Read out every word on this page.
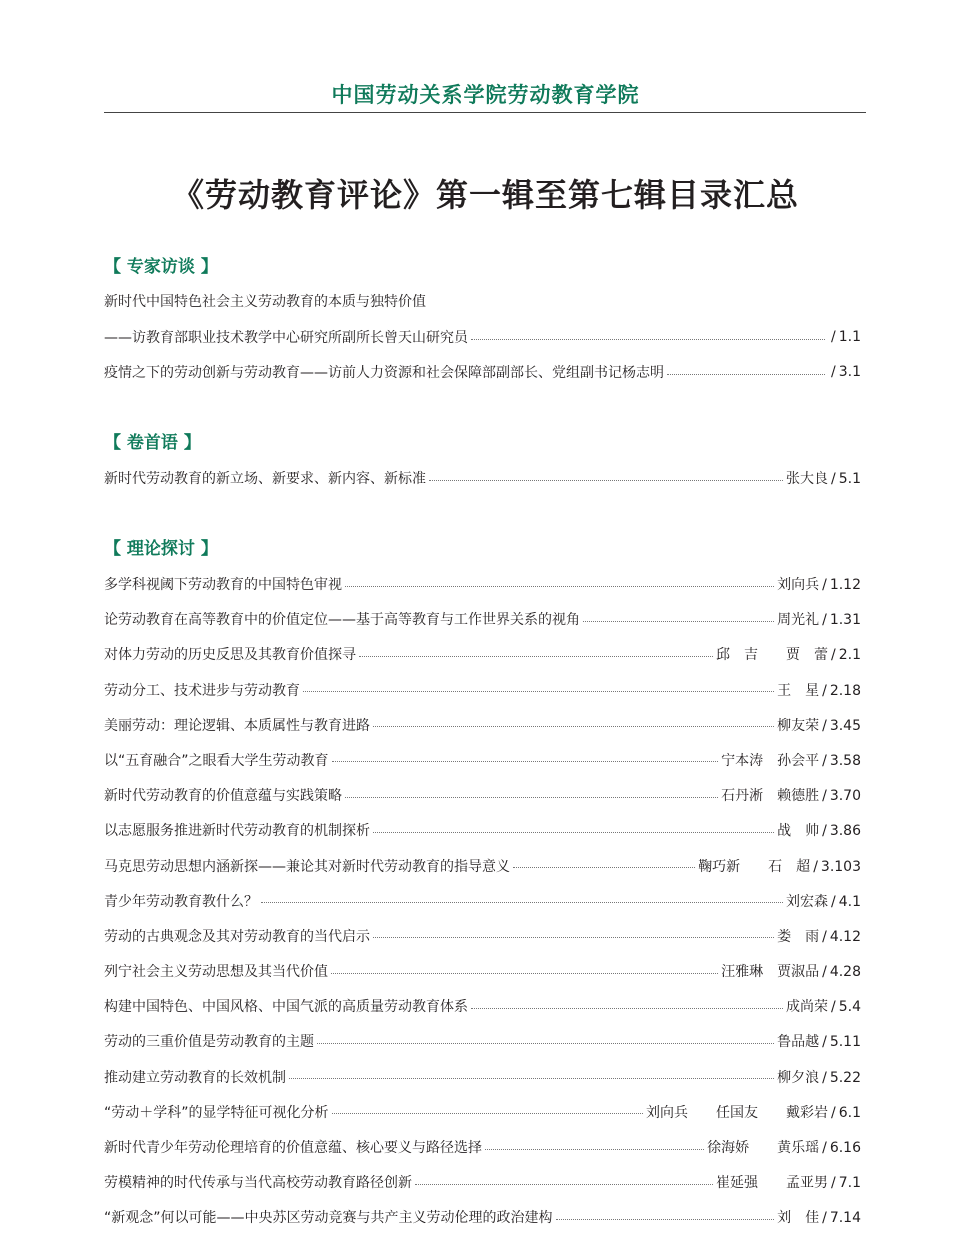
中国劳动关系学院劳动教育学院
《劳动教育评论》第一辑至第七辑目录汇总
【 专家访谈 】
新时代中国特色社会主义劳动教育的本质与独特价值
——访教育部职业技术教学中心研究所副所长曾天山研究员	/ 1.1
疫情之下的劳动创新与劳动教育——访前人力资源和社会保障部副部长、党组副书记杨志明	/ 3.1
【 卷首语 】
新时代劳动教育的新立场、新要求、新内容、新标准	张大良 / 5.1
【 理论探讨 】
多学科视阈下劳动教育的中国特色审视	刘向兵 / 1.12
论劳动教育在高等教育中的价值定位——基于高等教育与工作世界关系的视角	周光礼 / 1.31
对体力劳动的历史反思及其教育价值探寻	邱　吉　　贾　蕾 / 2.1
劳动分工、技术进步与劳动教育	王　星 / 2.18
美丽劳动：理论逻辑、本质属性与教育进路	柳友荣 / 3.45
以“五育融合”之眼看大学生劳动教育	宁本涛　孙会平 / 3.58
新时代劳动教育的价值意蕴与实践策略	石丹淅　赖德胜 / 3.70
以志愿服务推进新时代劳动教育的机制探析	战　帅 / 3.86
马克思劳动思想内涵新探——兼论其对新时代劳动教育的指导意义	鞠巧新　　石　超 / 3.103
青少年劳动教育教什么？	刘宏森 / 4.1
劳动的古典观念及其对劳动教育的当代启示	娄　雨 / 4.12
列宁社会主义劳动思想及其当代价值	汪雅琳　贾淑品 / 4.28
构建中国特色、中国风格、中国气派的高质量劳动教育体系	成尚荣 / 5.4
劳动的三重价值是劳动教育的主题	鲁品越 / 5.11
推动建立劳动教育的长效机制	柳夕浪 / 5.22
“劳动＋学科”的显学特征可视化分析	刘向兵　　任国友　　戴彩岩 / 6.1
新时代青少年劳动伦理培育的价值意蕴、核心要义与路径选择	徐海娇　　黄乐瑶 / 6.16
劳模精神的时代传承与当代高校劳动教育路径创新	崔延强　　孟亚男 / 7.1
“新观念”何以可能——中央苏区劳动竞赛与共产主义劳动伦理的政治建构	刘　佳 / 7.14
